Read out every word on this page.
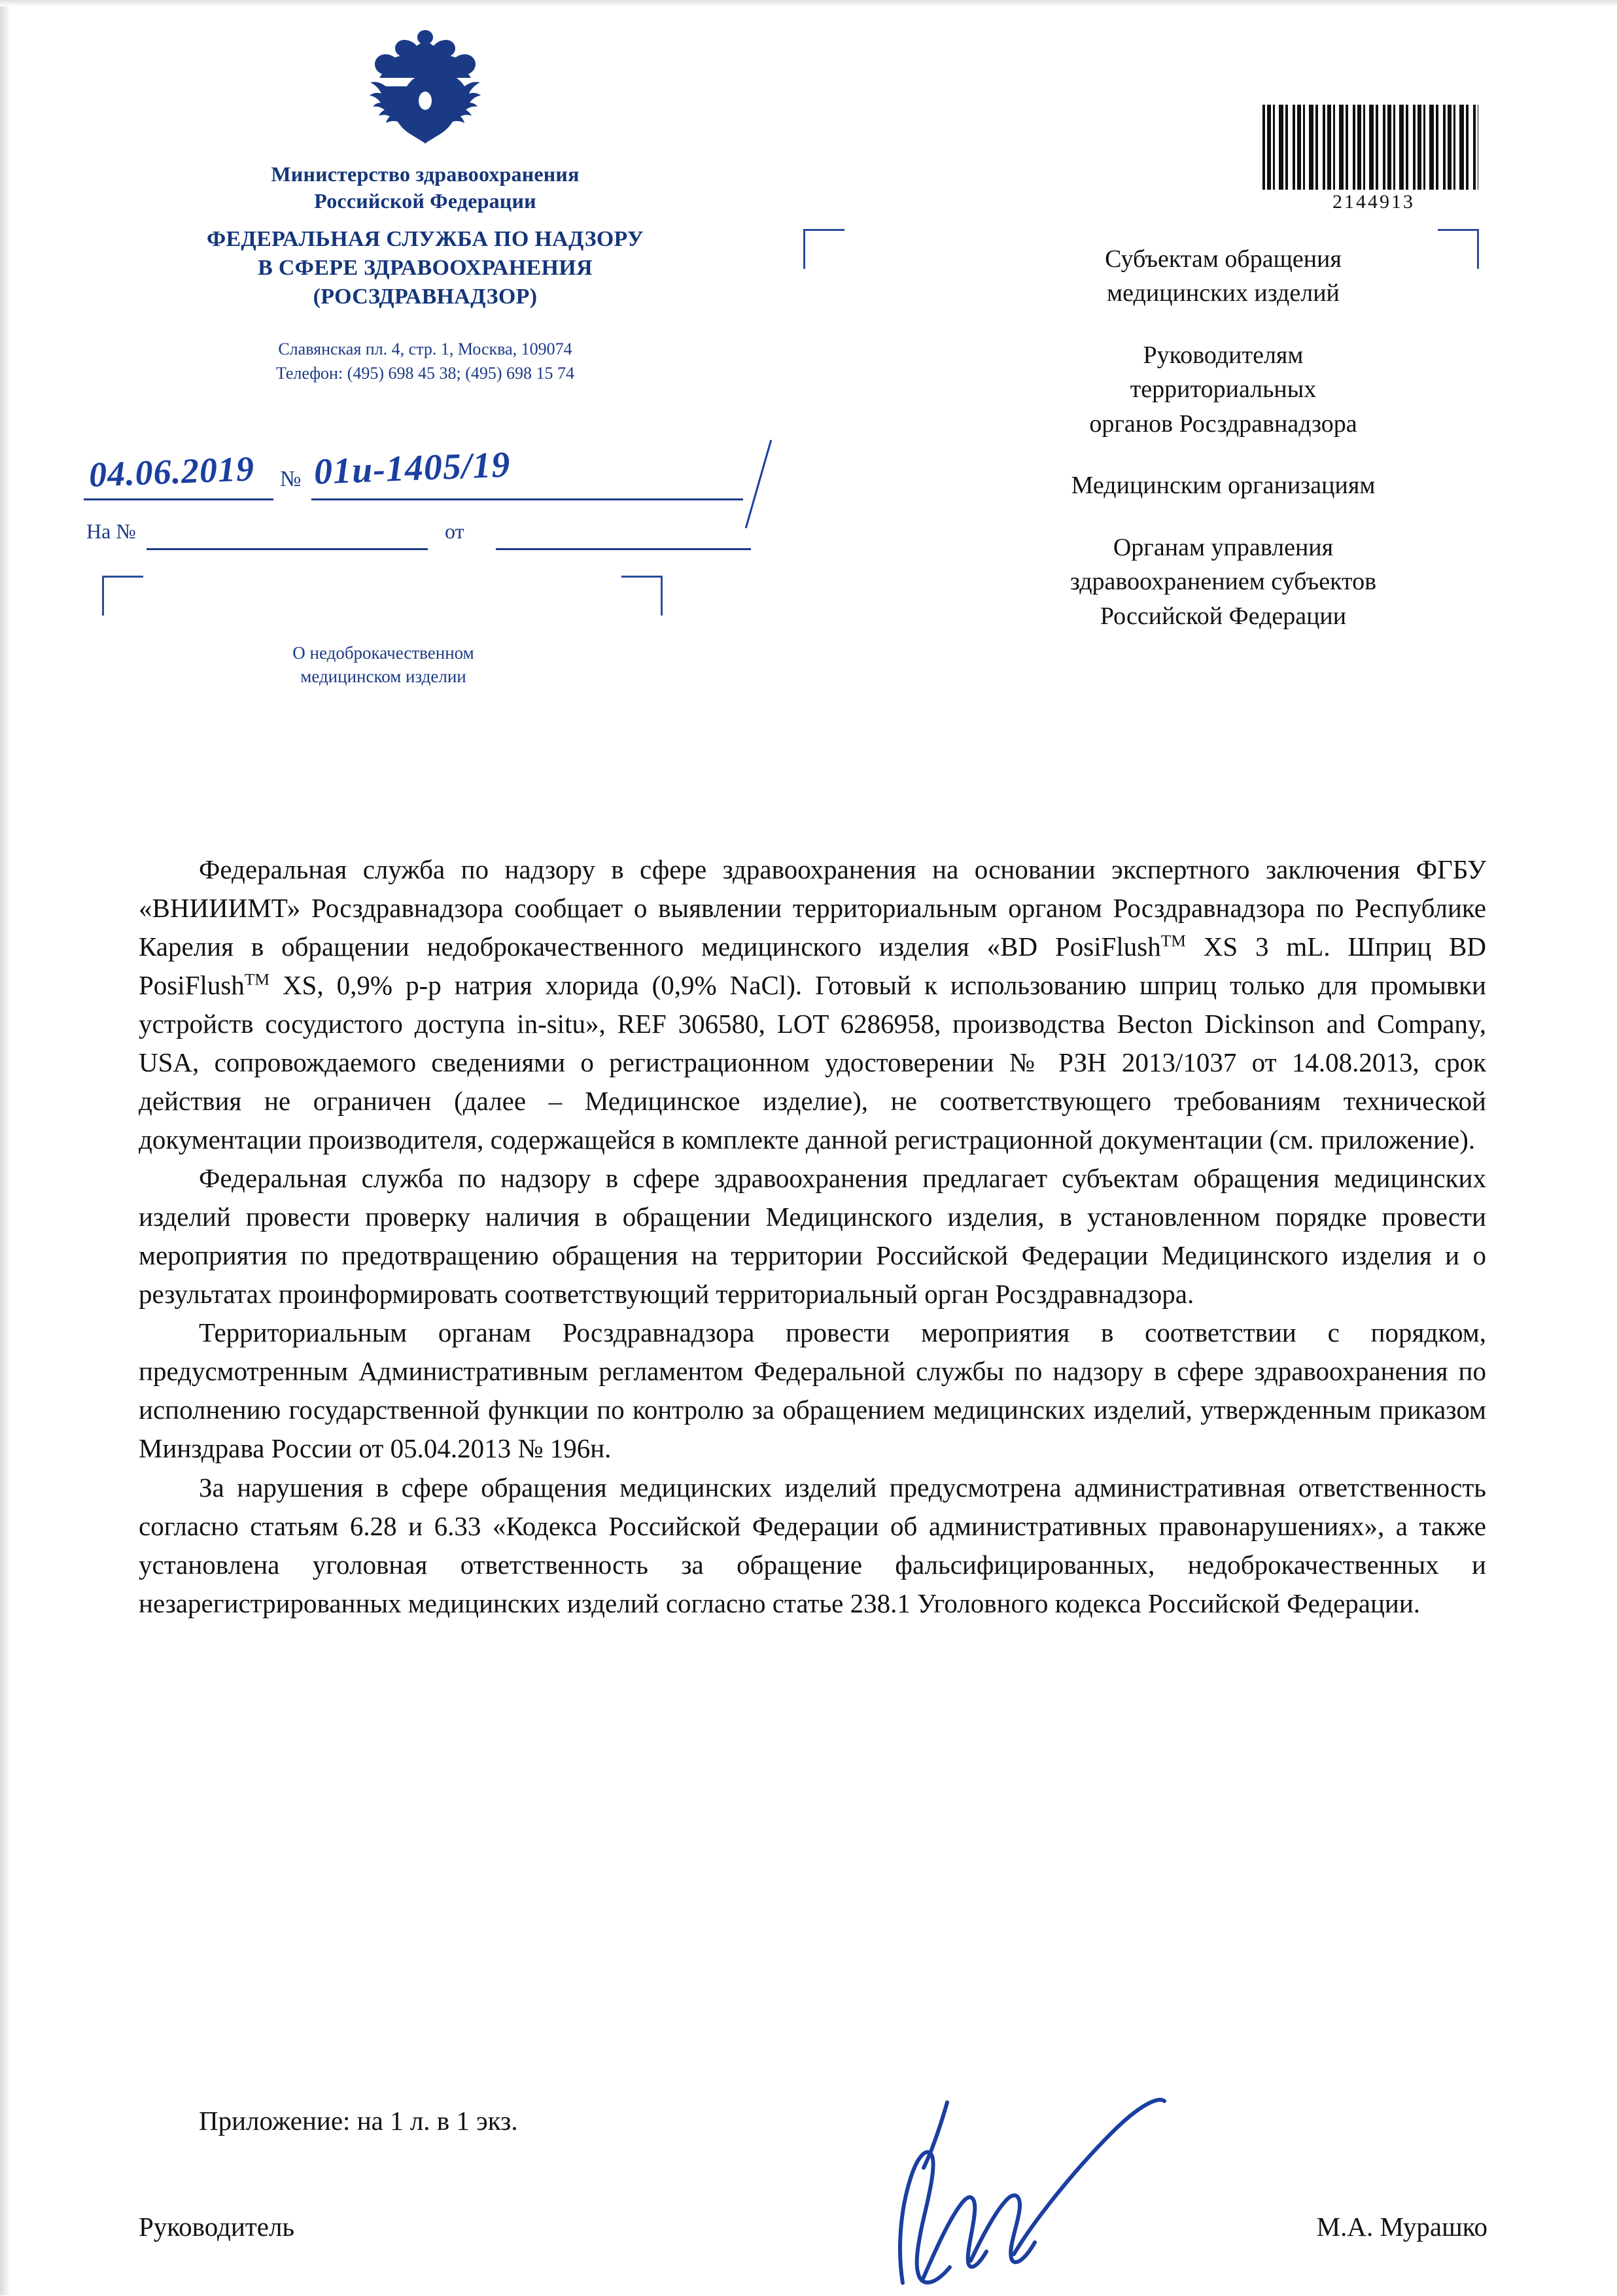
Министерство здравоохранения
Российской Федерации
ФЕДЕРАЛЬНАЯ СЛУЖБА ПО НАДЗОРУ
В СФЕРЕ ЗДРАВООХРАНЕНИЯ
(РОСЗДРАВНАДЗОР)
Славянская пл. 4, стр. 1, Москва, 109074
Телефон: (495) 698 45 38; (495) 698 15 74
04.06.2019 № 01и-1405/19
На №	от
О недоброкачественном
медицинском изделии
2144913

Субъектам обращения
медицинских изделий

Руководителям
территориальных
органов Росздравнадзора

Медицинским организациям

Органам управления
здравоохранением субъектов
Российской Федерации

Федеральная служба по надзору в сфере здравоохранения на основании экспертного заключения ФГБУ «ВНИИИМТ» Росздравнадзора сообщает о выявлении территориальным органом Росздравнадзора по Республике Карелия в обращении недоброкачественного медицинского изделия «BD PosiFlush™ XS 3 mL. Шприц BD PosiFlush™ XS, 0,9% р-р натрия хлорида (0,9% NaCl). Готовый к использованию шприц только для промывки устройств сосудистого доступа in-situ», REF 306580, LOT 6286958, производства Becton Dickinson and Company, USA, сопровождаемого сведениями о регистрационном удостоверении № РЗН 2013/1037 от 14.08.2013, срок действия не ограничен (далее – Медицинское изделие), не соответствующего требованиям технической документации производителя, содержащейся в комплекте данной регистрационной документации (см. приложение).

Федеральная служба по надзору в сфере здравоохранения предлагает субъектам обращения медицинских изделий провести проверку наличия в обращении Медицинского изделия, в установленном порядке провести мероприятия по предотвращению обращения на территории Российской Федерации Медицинского изделия и о результатах проинформировать соответствующий территориальный орган Росздравнадзора.

Территориальным органам Росздравнадзора провести мероприятия в соответствии с порядком, предусмотренным Административным регламентом Федеральной службы по надзору в сфере здравоохранения по исполнению государственной функции по контролю за обращением медицинских изделий, утвержденным приказом Минздрава России от 05.04.2013 № 196н.

За нарушения в сфере обращения медицинских изделий предусмотрена административная ответственность согласно статьям 6.28 и 6.33 «Кодекса Российской Федерации об административных правонарушениях», а также установлена уголовная ответственность за обращение фальсифицированных, недоброкачественных и незарегистрированных медицинских изделий согласно статье 238.1 Уголовного кодекса Российской Федерации.

Приложение: на 1 л. в 1 экз.
Руководитель	М.А. Мурашко
